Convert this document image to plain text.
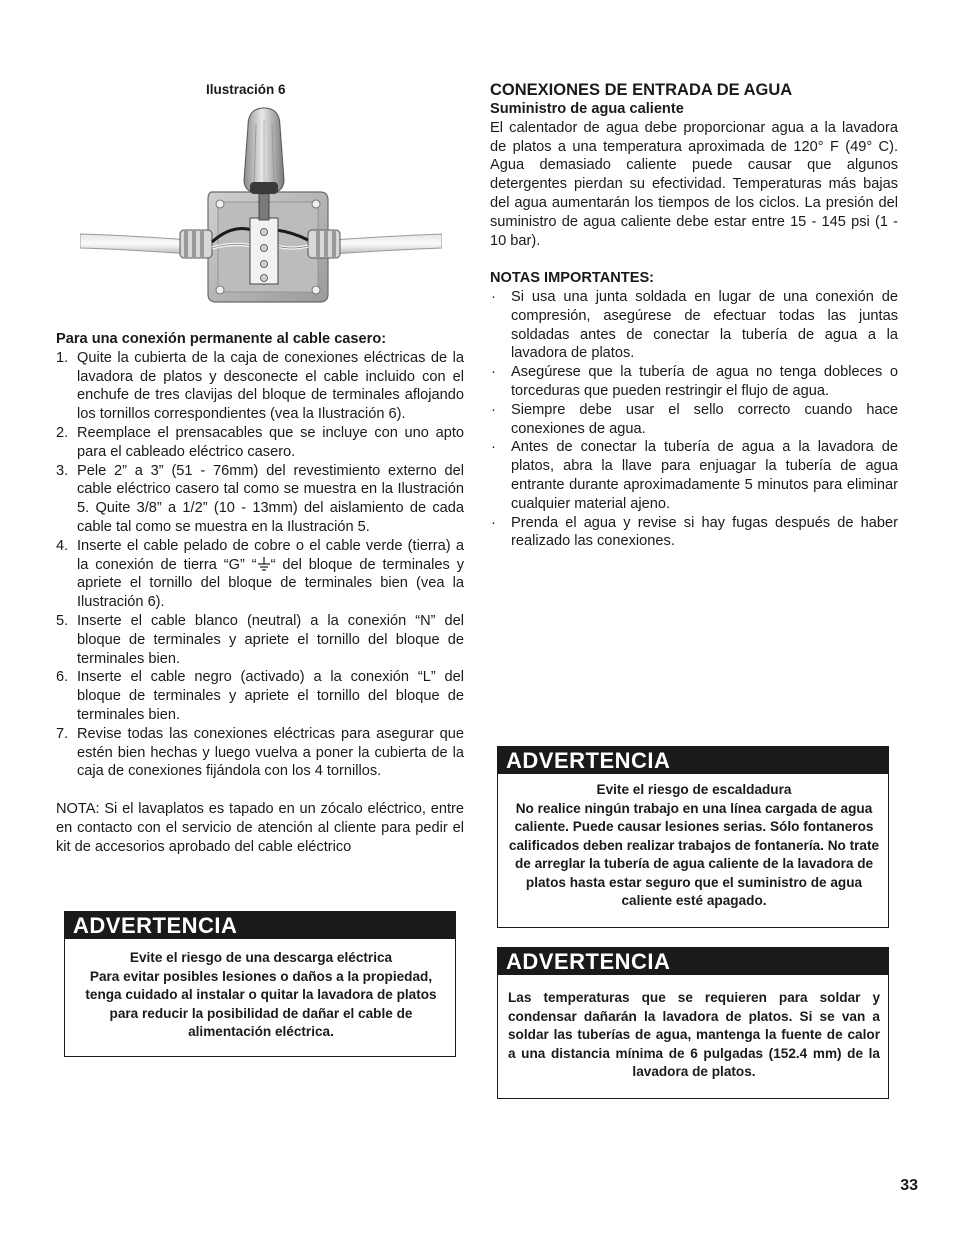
Ilustración 6
Para una conexión permanente al cable casero:
1. Quite la cubierta de la caja de conexiones eléctricas de la lavadora de platos y desconecte el cable incluido con el enchufe de tres clavijas del bloque de terminales aflojando los tornillos correspondientes (vea la Ilustración 6).
2. Reemplace el prensacables que se incluye con uno apto para el cableado eléctrico casero.
3. Pele 2” a 3” (51 - 76mm) del revestimiento externo del cable eléctrico casero tal como se muestra en la Ilustración 5. Quite 3/8” a 1/2” (10 - 13mm) del aislamiento de cada cable tal como se muestra en la Ilustración 5.
4. Inserte el cable pelado de cobre o el cable verde (tierra) a la conexión de tierra “G” “ “ del bloque de terminales y apriete el tornillo del bloque de terminales bien (vea la Ilustración 6).
5. Inserte el cable blanco (neutral) a la conexión “N” del bloque de terminales y apriete el tornillo del bloque de terminales bien.
6. Inserte el cable negro (activado) a la conexión “L” del bloque de terminales y apriete el tornillo del bloque de terminales bien.
7. Revise todas las conexiones eléctricas para asegurar que estén bien hechas y luego vuelva a poner la cubierta de la caja de conexiones fijándola con los 4 tornillos.
NOTA: Si el lavaplatos es tapado en un zócalo eléctrico, entre en contacto con el servicio de atención al cliente para pedir el kit de accesorios aprobado del cable eléctrico
CONEXIONES DE ENTRADA DE AGUA
Suministro de agua caliente
El calentador de agua debe proporcionar agua a la lavadora de platos a una temperatura aproximada de 120° F (49° C). Agua demasiado caliente puede causar que algunos detergentes pierdan su efectividad. Temperaturas más bajas del agua aumentarán los tiempos de los ciclos. La presión del suministro de agua caliente debe estar entre 15 - 145 psi (1 - 10 bar).
NOTAS IMPORTANTES:
· Si usa una junta soldada en lugar de una conexión de compresión, asegúrese de efectuar todas las juntas soldadas antes de conectar la tubería de agua a la lavadora de platos.
· Asegúrese que la tubería de agua no tenga dobleces o torceduras que pueden restringir el flujo de agua.
· Siempre debe usar el sello correcto cuando hace conexiones de agua.
· Antes de conectar la tubería de agua a la lavadora de platos, abra la llave para enjuagar la tubería de agua entrante durante aproximadamente 5 minutos para eliminar cualquier material ajeno.
· Prenda el agua y revise si hay fugas después de haber realizado las conexiones.
ADVERTENCIA
Evite el riesgo de una descarga eléctrica
Para evitar posibles lesiones o daños a la propiedad, tenga cuidado al instalar o quitar la lavadora de platos para reducir la posibilidad de dañar el cable de alimentación eléctrica.
ADVERTENCIA
Evite el riesgo de escaldadura
No realice ningún trabajo en una línea cargada de agua caliente. Puede causar lesiones serias. Sólo fontaneros calificados deben realizar trabajos de fontanería. No trate de arreglar la tubería de agua caliente de la lavadora de platos hasta estar seguro que el suministro de agua caliente esté apagado.
ADVERTENCIA
Las temperaturas que se requieren para soldar y condensar dañarán la lavadora de platos. Si se van a soldar las tuberías de agua, mantenga la fuente de calor a una distancia mínima de 6 pulgadas (152.4 mm) de la lavadora de platos.
33
